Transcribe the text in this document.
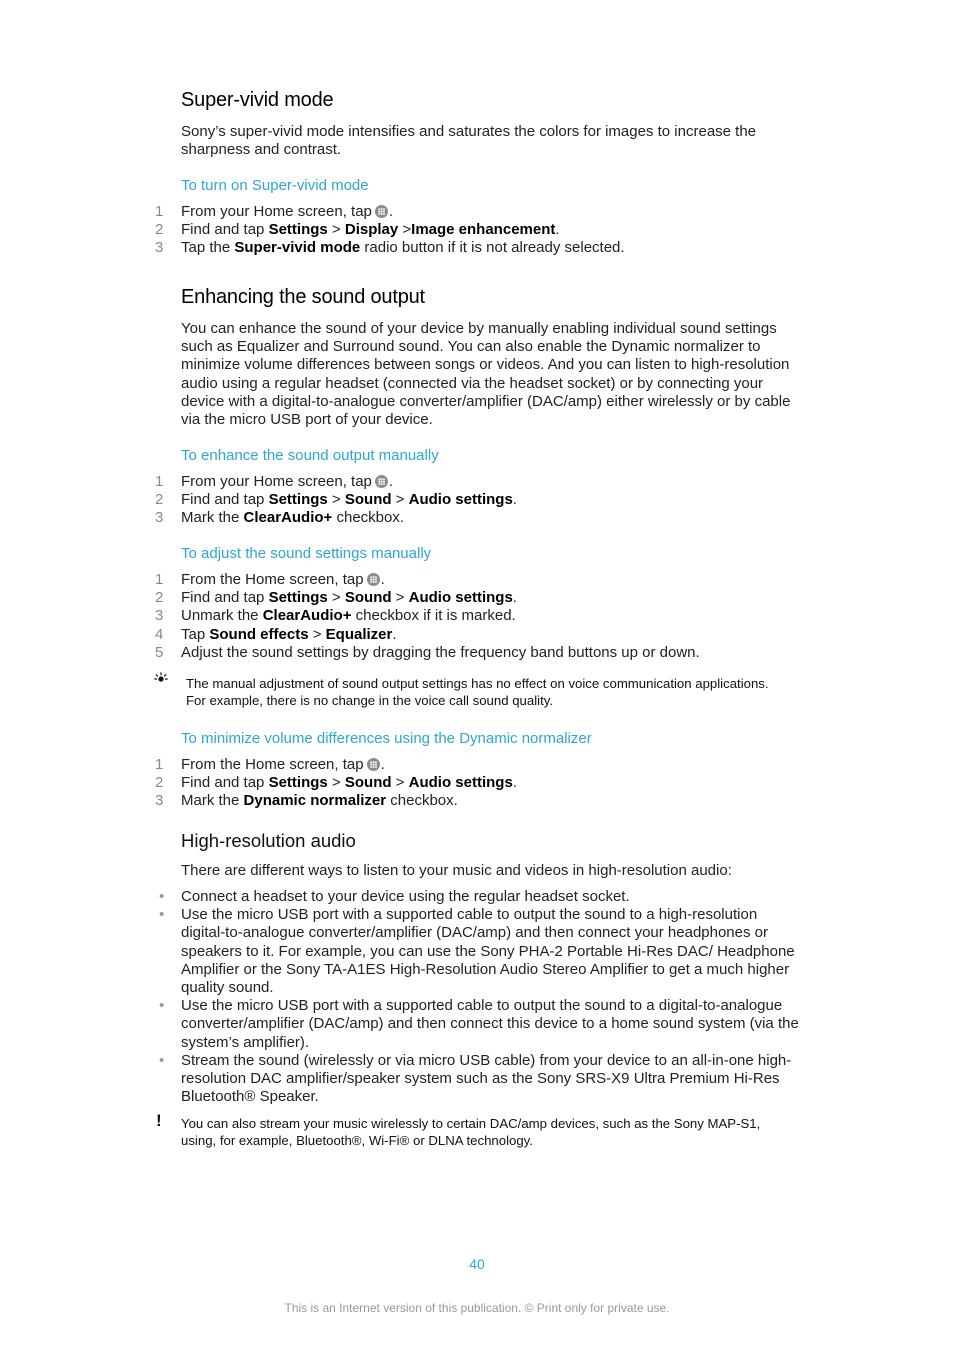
Super-vivid mode
Sony’s super-vivid mode intensifies and saturates the colors for images to increase the sharpness and contrast.
To turn on Super-vivid mode
1 From your Home screen, tap .
2 Find and tap Settings > Display >Image enhancement.
3 Tap the Super-vivid mode radio button if it is not already selected.
Enhancing the sound output
You can enhance the sound of your device by manually enabling individual sound settings such as Equalizer and Surround sound. You can also enable the Dynamic normalizer to minimize volume differences between songs or videos. And you can listen to high-resolution audio using a regular headset (connected via the headset socket) or by connecting your device with a digital-to-analogue converter/amplifier (DAC/amp) either wirelessly or by cable via the micro USB port of your device.
To enhance the sound output manually
1 From your Home screen, tap .
2 Find and tap Settings > Sound > Audio settings.
3 Mark the ClearAudio+ checkbox.
To adjust the sound settings manually
1 From the Home screen, tap .
2 Find and tap Settings > Sound > Audio settings.
3 Unmark the ClearAudio+ checkbox if it is marked.
4 Tap Sound effects > Equalizer.
5 Adjust the sound settings by dragging the frequency band buttons up or down.
The manual adjustment of sound output settings has no effect on voice communication applications. For example, there is no change in the voice call sound quality.
To minimize volume differences using the Dynamic normalizer
1 From the Home screen, tap .
2 Find and tap Settings > Sound > Audio settings.
3 Mark the Dynamic normalizer checkbox.
High-resolution audio
There are different ways to listen to your music and videos in high-resolution audio:
• Connect a headset to your device using the regular headset socket.
• Use the micro USB port with a supported cable to output the sound to a high-resolution digital-to-analogue converter/amplifier (DAC/amp) and then connect your headphones or speakers to it. For example, you can use the Sony PHA-2 Portable Hi-Res DAC/ Headphone Amplifier or the Sony TA-A1ES High-Resolution Audio Stereo Amplifier to get a much higher quality sound.
• Use the micro USB port with a supported cable to output the sound to a digital-to-analogue converter/amplifier (DAC/amp) and then connect this device to a home sound system (via the system’s amplifier).
• Stream the sound (wirelessly or via micro USB cable) from your device to an all-in-one high-resolution DAC amplifier/speaker system such as the Sony SRS-X9 Ultra Premium Hi-Res Bluetooth® Speaker.
! You can also stream your music wirelessly to certain DAC/amp devices, such as the Sony MAP-S1, using, for example, Bluetooth®, Wi-Fi® or DLNA technology.
40
This is an Internet version of this publication. © Print only for private use.
